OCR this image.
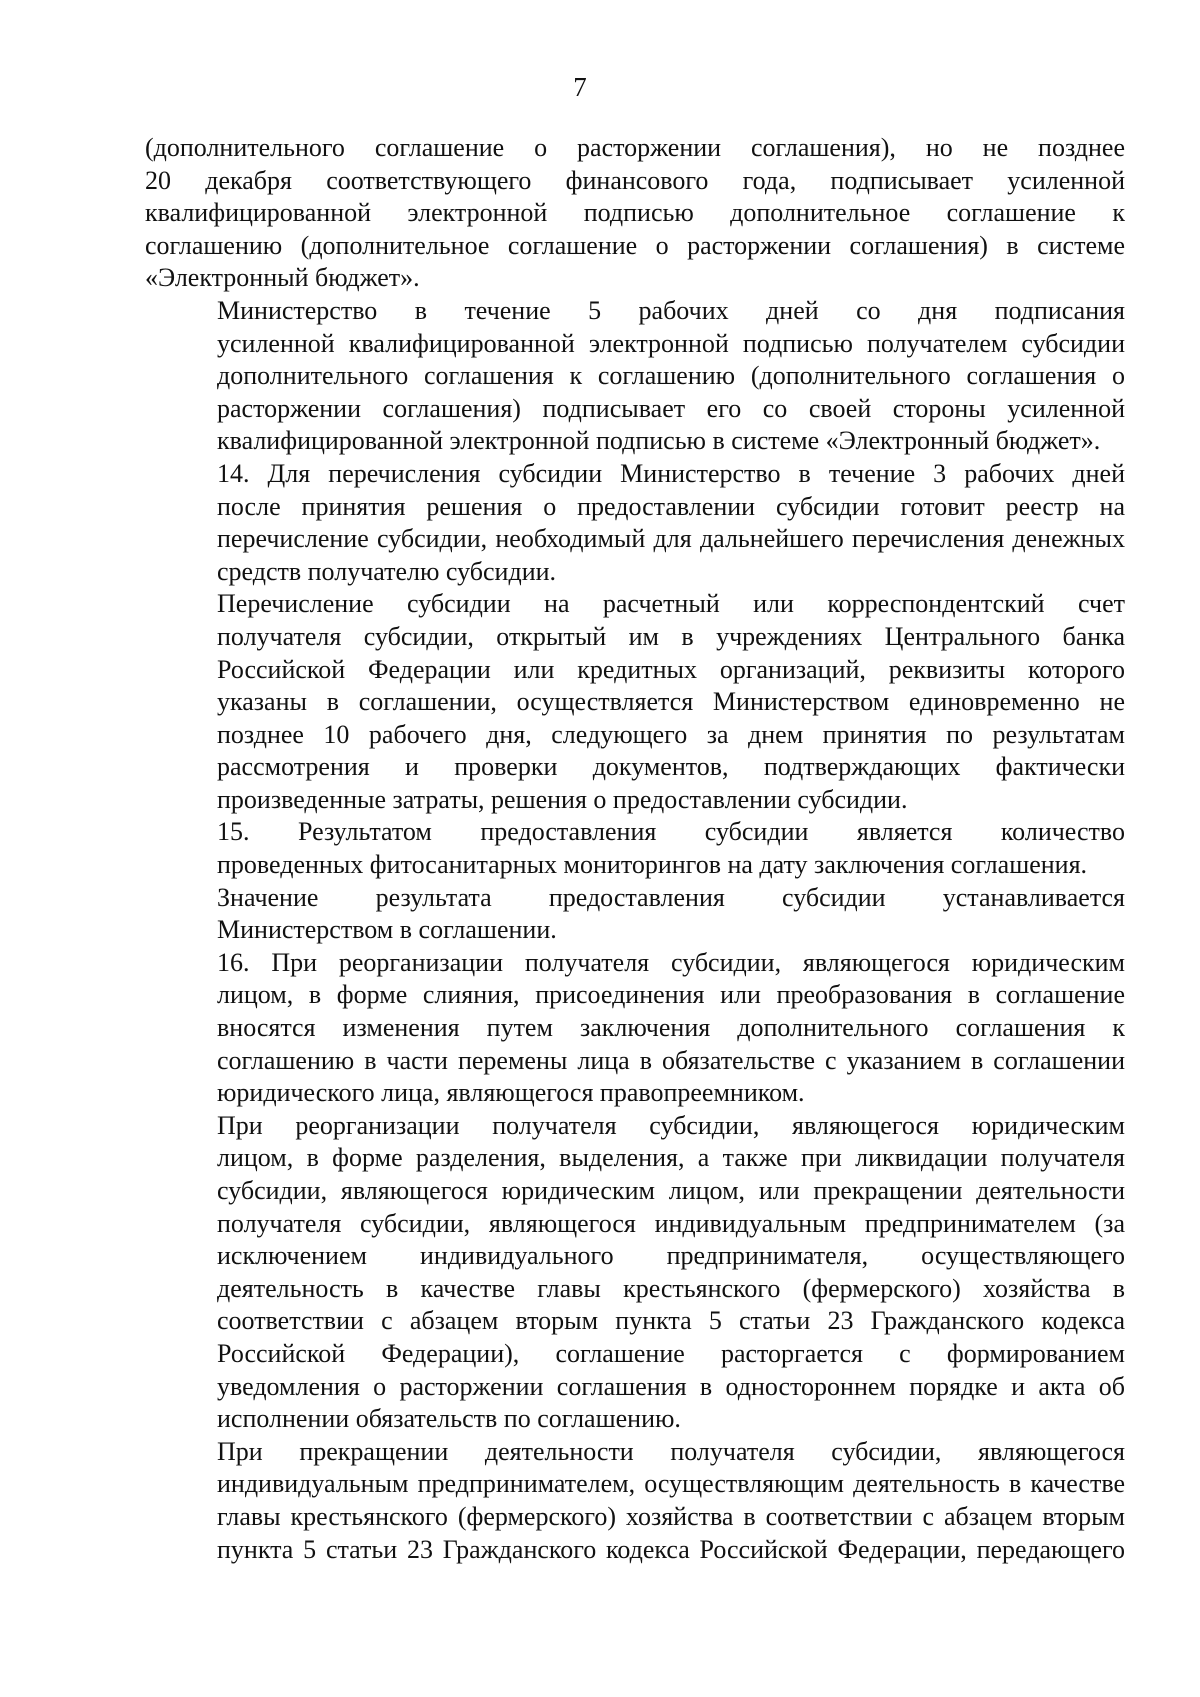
7
(дополнительного соглашение о расторжении соглашения), но не позднее
20 декабря соответствующего финансового года, подписывает усиленной
квалифицированной электронной подписью дополнительное соглашение к
соглашению (дополнительное соглашение о расторжении соглашения) в системе
«Электронный бюджет».
Министерство в течение 5 рабочих дней со дня подписания
усиленной квалифицированной электронной подписью получателем субсидии
дополнительного соглашения к соглашению (дополнительного соглашения о
расторжении соглашения) подписывает его со своей стороны усиленной
квалифицированной электронной подписью в системе «Электронный бюджет».
14. Для перечисления субсидии Министерство в течение 3 рабочих дней
после принятия решения о предоставлении субсидии готовит реестр на
перечисление субсидии, необходимый для дальнейшего перечисления денежных
средств получателю субсидии.
Перечисление субсидии на расчетный или корреспондентский счет
получателя субсидии, открытый им в учреждениях Центрального банка
Российской Федерации или кредитных организаций, реквизиты которого
указаны в соглашении, осуществляется Министерством единовременно не
позднее 10 рабочего дня, следующего за днем принятия по результатам
рассмотрения и проверки документов, подтверждающих фактически
произведенные затраты, решения о предоставлении субсидии.
15. Результатом предоставления субсидии является количество
проведенных фитосанитарных мониторингов на дату заключения соглашения.
Значение результата предоставления субсидии устанавливается
Министерством в соглашении.
16. При реорганизации получателя субсидии, являющегося юридическим
лицом, в форме слияния, присоединения или преобразования в соглашение
вносятся изменения путем заключения дополнительного соглашения к
соглашению в части перемены лица в обязательстве с указанием в соглашении
юридического лица, являющегося правопреемником.
При реорганизации получателя субсидии, являющегося юридическим
лицом, в форме разделения, выделения, а также при ликвидации получателя
субсидии, являющегося юридическим лицом, или прекращении деятельности
получателя субсидии, являющегося индивидуальным предпринимателем (за
исключением индивидуального предпринимателя, осуществляющего
деятельность в качестве главы крестьянского (фермерского) хозяйства в
соответствии с абзацем вторым пункта 5 статьи 23 Гражданского кодекса
Российской Федерации), соглашение расторгается с формированием
уведомления о расторжении соглашения в одностороннем порядке и акта об
исполнении обязательств по соглашению.
При прекращении деятельности получателя субсидии, являющегося
индивидуальным предпринимателем, осуществляющим деятельность в качестве
главы крестьянского (фермерского) хозяйства в соответствии с абзацем вторым
пункта 5 статьи 23 Гражданского кодекса Российской Федерации, передающего
